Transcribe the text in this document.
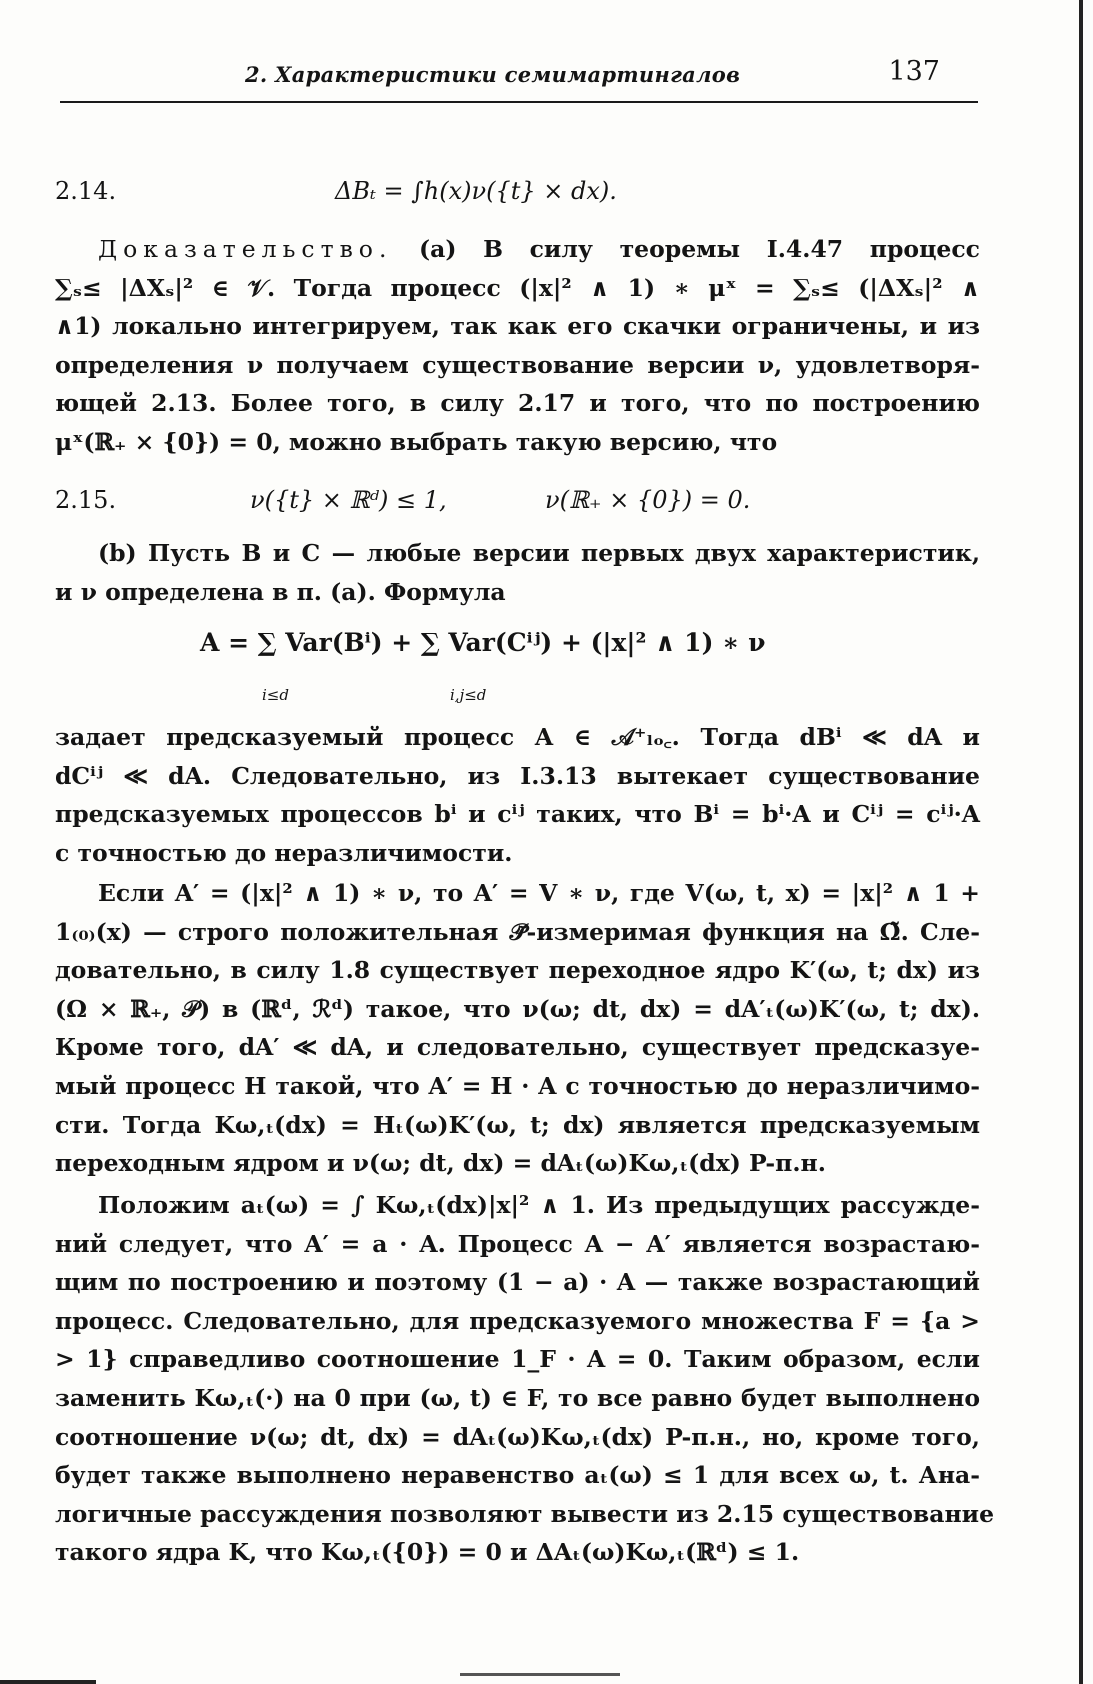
2. Характеристики семимартингалов	137
2.14.	ΔBₜ = ∫h(x)ν({t} × dx).
Доказательство. (a) В силу теоремы I.4.47 процесс
∑ₛ≤ |ΔXₛ|² ∈ 𝒱. Тогда процесс (|x|² ∧ 1) ∗ μˣ = ∑ₛ≤ (|ΔXₛ|² ∧
∧1) локально интегрируем, так как его скачки ограничены, и из
определения ν получаем существование версии ν, удовлетворя-
ющей 2.13. Более того, в силу 2.17 и того, что по построению
μˣ(ℝ₊ × {0}) = 0, можно выбрать такую версию, что
2.15.	ν({t} × ℝᵈ) ≤ 1,	ν(ℝ₊ × {0}) = 0.
(b) Пусть B и C — любые версии первых двух характеристик,
и ν определена в п. (a). Формула
A = ∑ Var(Bⁱ) + ∑ Var(Cⁱʲ) + (|x|² ∧ 1) ∗ ν
i≤d	i,j≤d
задает предсказуемый процесс A ∈ 𝒜⁺ₗₒ꜀. Тогда dBⁱ ≪ dA и
dCⁱʲ ≪ dA. Следовательно, из I.3.13 вытекает существование
предсказуемых процессов bⁱ и cⁱʲ таких, что Bⁱ = bⁱ·A и Cⁱʲ = cⁱʲ·A
с точностью до неразличимости.
Если A′ = (|x|² ∧ 1) ∗ ν, то A′ = V ∗ ν, где V(ω, t, x) = |x|² ∧ 1 +
1₍₀₎(x) — строго положительная 𝒫̃-измеримая функция на Ω̃. Сле-
довательно, в силу 1.8 существует переходное ядро K′(ω, t; dx) из
(Ω × ℝ₊, 𝒫) в (ℝᵈ, ℛᵈ) такое, что ν(ω; dt, dx) = dA′ₜ(ω)K′(ω, t; dx).
Кроме того, dA′ ≪ dA, и следовательно, существует предсказуе-
мый процесс H такой, что A′ = H · A с точностью до неразличимо-
сти. Тогда Kω,ₜ(dx) = Hₜ(ω)K′(ω, t; dx) является предсказуемым
переходным ядром и ν(ω; dt, dx) = dAₜ(ω)Kω,ₜ(dx) P-п.н.
Положим aₜ(ω) = ∫ Kω,ₜ(dx)|x|² ∧ 1. Из предыдущих рассужде-
ний следует, что A′ = a · A. Процесс A − A′ является возрастаю-
щим по построению и поэтому (1 − a) · A — также возрастающий
процесс. Следовательно, для предсказуемого множества F = {a >
> 1} справедливо соотношение 1_F · A = 0. Таким образом, если
заменить Kω,ₜ(·) на 0 при (ω, t) ∈ F, то все равно будет выполнено
соотношение ν(ω; dt, dx) = dAₜ(ω)Kω,ₜ(dx) P-п.н., но, кроме того,
будет также выполнено неравенство aₜ(ω) ≤ 1 для всех ω, t. Ана-
логичные рассуждения позволяют вывести из 2.15 существование
такого ядра K, что Kω,ₜ({0}) = 0 и ΔAₜ(ω)Kω,ₜ(ℝᵈ) ≤ 1.
